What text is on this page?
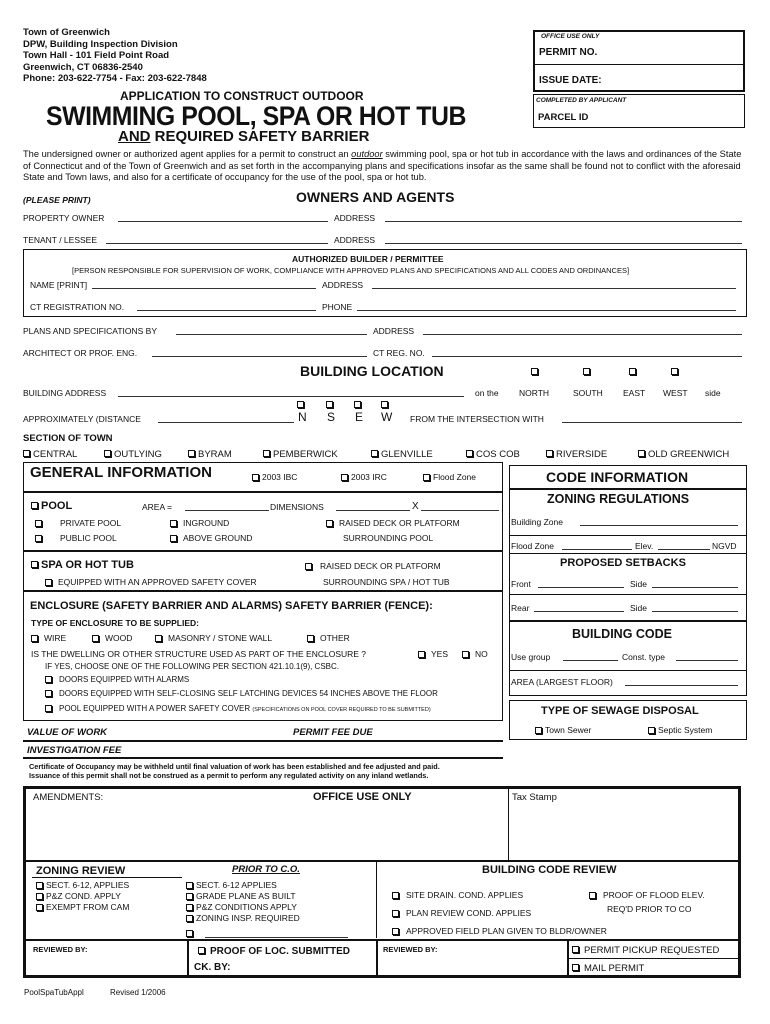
Town of Greenwich
DPW, Building Inspection Division
Town Hall - 101 Field Point Road
Greenwich, CT 06836-2540
Phone: 203-622-7754 - Fax: 203-622-7848
APPLICATION TO CONSTRUCT OUTDOOR
SWIMMING POOL, SPA OR HOT TUB
AND REQUIRED SAFETY BARRIER
OFFICE USE ONLY
PERMIT NO.
ISSUE DATE:
COMPLETED BY APPLICANT
PARCEL ID
The undersigned owner or authorized agent applies for a permit to construct an outdoor swimming pool, spa or hot tub in accordance with the laws and ordinances of the State of Connecticut and of the Town of Greenwich and as set forth in the accompanying plans and specifications insofar as the same shall be found not to conflict with the aforesaid State and Town laws, and also for a certificate of occupancy for the use of the pool, spa or hot tub.
(PLEASE PRINT)	OWNERS AND AGENTS
PROPERTY OWNER	ADDRESS
TENANT / LESSEE	ADDRESS
AUTHORIZED BUILDER / PERMITTEE
[PERSON RESPONSIBLE FOR SUPERVISION OF WORK, COMPLIANCE WITH APPROVED PLANS AND SPECIFICATIONS AND ALL CODES AND ORDINANCES]
NAME [PRINT]	ADDRESS
CT REGISTRATION NO.	PHONE
PLANS AND SPECIFICATIONS BY	ADDRESS
ARCHITECT OR PROF. ENG.	CT REG. NO.
BUILDING LOCATION
BUILDING ADDRESS	on the NORTH	SOUTH EAST WEST side
APPROXIMATELY (DISTANCE	N S E W FROM THE INTERSECTION WITH
SECTION OF TOWN
CENTRAL	OUTLYING	BYRAM	PEMBERWICK	GLENVILLE	COS COB	RIVERSIDE	OLD GREENWICH
GENERAL INFORMATION	2003 IBC	2003 IRC	Flood Zone
POOL	AREA =	DIMENSIONS	X
PRIVATE POOL
PUBLIC POOL
INGROUND
ABOVE GROUND
RAISED DECK OR PLATFORM
SURROUNDING POOL
SPA OR HOT TUB
EQUIPPED WITH AN APPROVED SAFETY COVER
RAISED DECK OR PLATFORM
SURROUNDING SPA / HOT TUB
ENCLOSURE (SAFETY BARRIER AND ALARMS) SAFETY BARRIER (FENCE):
TYPE OF ENCLOSURE TO BE SUPPLIED:
WIRE	WOOD	MASONRY / STONE WALL	OTHER
IS THE DWELLING OR OTHER STRUCTURE USED AS PART OF THE ENCLOSURE ?	YES	NO
IF YES, CHOOSE ONE OF THE FOLLOWING PER SECTION 421.10.1(9), CSBC.
DOORS EQUIPPED WITH ALARMS
DOORS EQUIPPED WITH SELF-CLOSING SELF LATCHING DEVICES 54 INCHES ABOVE THE FLOOR
POOL EQUIPPED WITH A POWER SAFETY COVER (SPECIFICATIONS ON POOL COVER REQUIRED TO BE SUBMITTED)
VALUE OF WORK	PERMIT FEE DUE
INVESTIGATION FEE
CODE INFORMATION
ZONING REGULATIONS
Building Zone
Flood Zone	Elev.	NGVD
PROPOSED SETBACKS
Front	Side
Rear	Side
BUILDING CODE
Use group	Const. type
AREA (LARGEST FLOOR)
TYPE OF SEWAGE DISPOSAL
Town Sewer	Septic System
Certificate of Occupancy may be withheld until final valuation of work has been established and fee adjusted and paid.
Issuance of this permit shall not be construed as a permit to perform any regulated activity on any inland wetlands.
AMENDMENTS:	OFFICE USE ONLY	Tax Stamp
ZONING REVIEW
SECT. 6-12, APPLIES
P&Z COND. APPLY
EXEMPT FROM CAM
PRIOR TO C.O.
SECT. 6-12 APPLIES
GRADE PLANE AS BUILT
P&Z CONDITIONS APPLY
ZONING INSP. REQUIRED
BUILDING CODE REVIEW
SITE DRAIN. COND. APPLIES	PROOF OF FLOOD ELEV.
REQ'D PRIOR TO CO
PLAN REVIEW COND. APPLIES
APPROVED FIELD PLAN GIVEN TO BLDR/OWNER
REVIEWED BY:	PROOF OF LOC. SUBMITTED
CK. BY:
REVIEWED BY:	PERMIT PICKUP REQUESTED
MAIL PERMIT
PoolSpaTubAppl	Revised 1/2006
